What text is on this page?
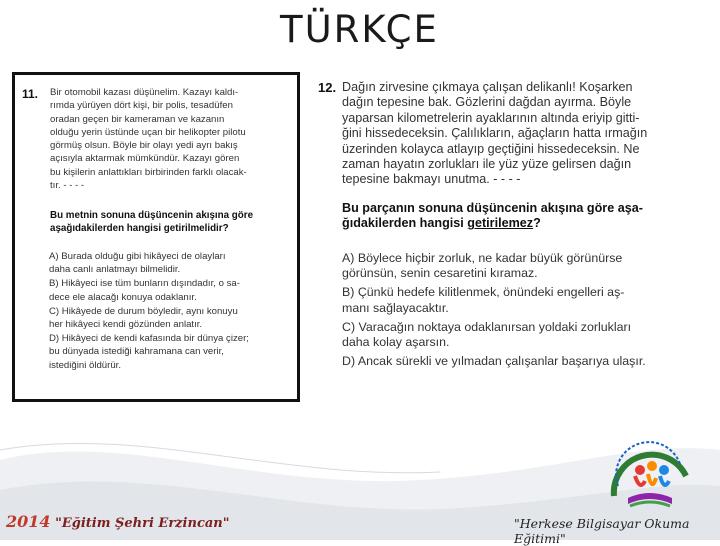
TÜRKÇE
11. Bir otomobil kazası düşünelim. Kazayı kaldı-
rımda yürüyen dört kişi, bir polis, tesadüfen
oradan geçen bir kameraman ve kazanın
olduğu yerin üstünde uçan bir helikopter pilotu
görmüş olsun. Böyle bir olayı yedi ayrı bakış
açısıyla aktarmak mümkündür. Kazayı gören
bu kişilerin anlattıkları birbirinden farklı olacak-
tır. - - - -
Bu metnin sonuna düşüncenin akışına göre
aşağıdakilerden hangisi getirilmelidir?
A) Burada olduğu gibi hikâyeci de olayları
daha canlı anlatmayı bilmelidir.
B) Hikâyeci ise tüm bunların dışındadır, o sa-
dece ele alacağı konuya odaklanır.
C) Hikâyede de durum böyledir, aynı konuyu
her hikâyeci kendi gözünden anlatır.
D) Hikâyeci de kendi kafasında bir dünya çizer;
bu dünyada istediği kahramana can verir,
istediğini öldürür.
12. Dağın zirvesine çıkmaya çalışan delikanlı! Koşarken
dağın tepesine bak. Gözlerini dağdan ayırma. Böyle
yaparsan kilometrelerin ayaklarının altında eriyip gitti-
ğini hissedeceksin. Çalılıkların, ağaçların hatta ırmağın
üzerinden kolayca atlayıp geçtiğini hissedeceksin. Ne
zaman hayatın zorlukları ile yüz yüze gelirsen dağın
tepesine bakmayı unutma. - - - -
Bu parçanın sonuna düşüncenin akışına göre aşa-
ğıdakilerden hangisi getirilemez?
A) Böylece hiçbir zorluk, ne kadar büyük görünürse
görünsün, senin cesaretini kıramaz.
B) Çünkü hedefe kilitlenmek, önündeki engelleri aş-
manı sağlayacaktır.
C) Varacağın noktaya odaklanırsan yoldaki zorlukları
daha kolay aşarsın.
D) Ancak sürekli ve yılmadan çalışanlar başarıya ulaşır.
2014 "Eğitim Şehri Erzincan"	"Herkese Bilgisayar Okuma Eğitimi"
